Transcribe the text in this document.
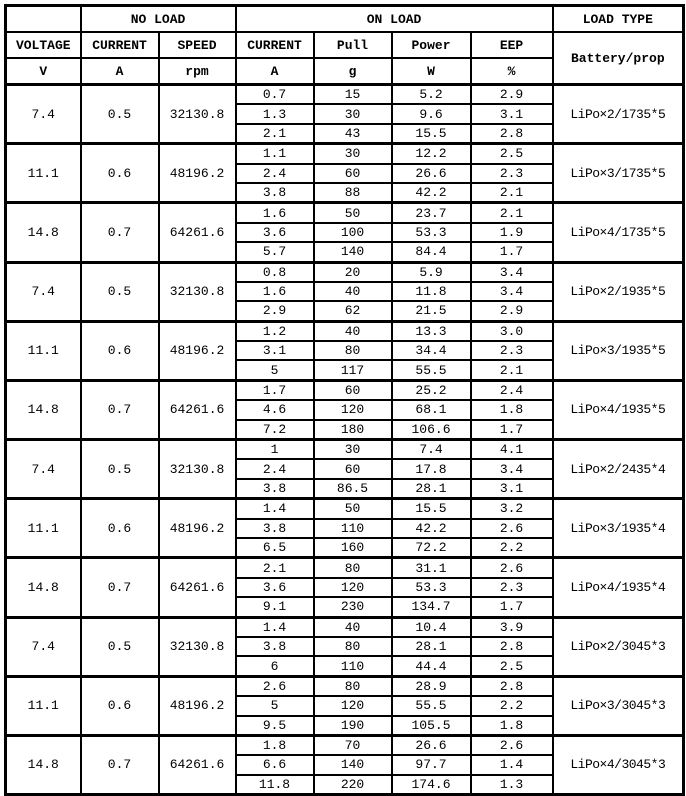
	NO LOAD		ON LOAD				LOAD TYPE
VOLTAGE	CURRENT	SPEED	CURRENT	Pull	Power	EEP	Battery/prop
V	A	rpm	A	g	W	%	
7.4	0.5	32130.8	0.7	15	5.2	2.9	LiPo×2/1735*5
			1.3	30	9.6	3.1	
			2.1	43	15.5	2.8	
11.1	0.6	48196.2	1.1	30	12.2	2.5	LiPo×3/1735*5
			2.4	60	26.6	2.3	
			3.8	88	42.2	2.1	
14.8	0.7	64261.6	1.6	50	23.7	2.1	LiPo×4/1735*5
			3.6	100	53.3	1.9	
			5.7	140	84.4	1.7	
7.4	0.5	32130.8	0.8	20	5.9	3.4	LiPo×2/1935*5
			1.6	40	11.8	3.4	
			2.9	62	21.5	2.9	
11.1	0.6	48196.2	1.2	40	13.3	3.0	LiPo×3/1935*5
			3.1	80	34.4	2.3	
			5	117	55.5	2.1	
14.8	0.7	64261.6	1.7	60	25.2	2.4	LiPo×4/1935*5
			4.6	120	68.1	1.8	
			7.2	180	106.6	1.7	
7.4	0.5	32130.8	1	30	7.4	4.1	LiPo×2/2435*4
			2.4	60	17.8	3.4	
			3.8	86.5	28.1	3.1	
11.1	0.6	48196.2	1.4	50	15.5	3.2	LiPo×3/1935*4
			3.8	110	42.2	2.6	
			6.5	160	72.2	2.2	
14.8	0.7	64261.6	2.1	80	31.1	2.6	LiPo×4/1935*4
			3.6	120	53.3	2.3	
			9.1	230	134.7	1.7	
7.4	0.5	32130.8	1.4	40	10.4	3.9	LiPo×2/3045*3
			3.8	80	28.1	2.8	
			6	110	44.4	2.5	
11.1	0.6	48196.2	2.6	80	28.9	2.8	LiPo×3/3045*3
			5	120	55.5	2.2	
			9.5	190	105.5	1.8	
14.8	0.7	64261.6	1.8	70	26.6	2.6	LiPo×4/3045*3
			6.6	140	97.7	1.4	
			11.8	220	174.6	1.3	
